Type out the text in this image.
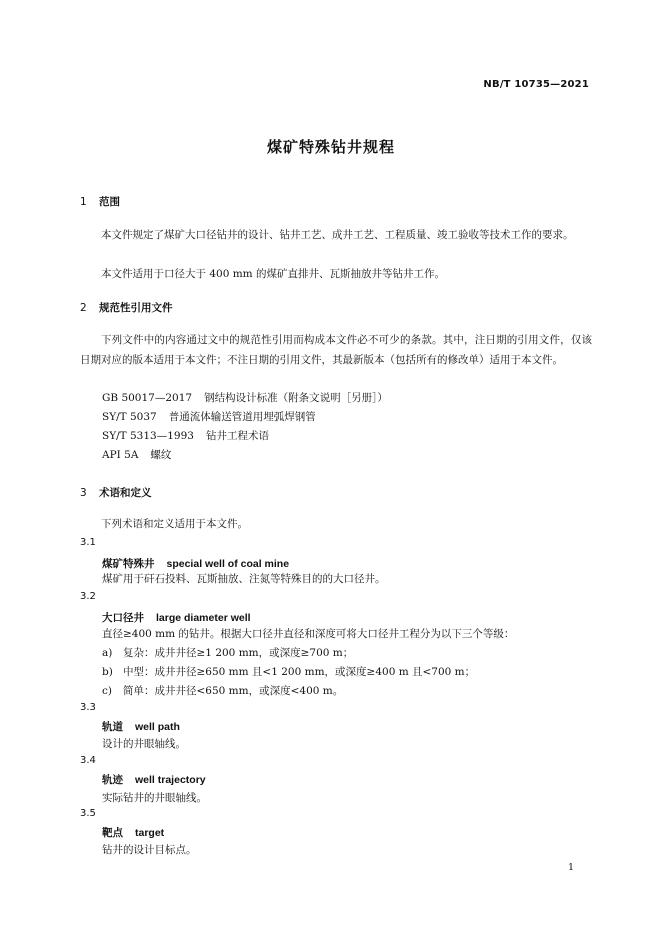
NB/T 10735—2021
煤矿特殊钻井规程
1 范围
本文件规定了煤矿大口径钻井的设计、钻井工艺、成井工艺、工程质量、竣工验收等技术工作的要求。
本文件适用于口径大于 400 mm 的煤矿直排井、瓦斯抽放井等钻井工作。
2 规范性引用文件
下列文件中的内容通过文中的规范性引用而构成本文件必不可少的条款。其中，注日期的引用文件，仅该日期对应的版本适用于本文件；不注日期的引用文件，其最新版本（包括所有的修改单）适用于本文件。
GB 50017—2017 钢结构设计标准（附条文说明［另册］）
SY/T 5037 普通流体输送管道用埋弧焊钢管
SY/T 5313—1993 钻井工程术语
API 5A 螺纹
3 术语和定义
下列术语和定义适用于本文件。
3.1
煤矿特殊井 special well of coal mine
煤矿用于矸石投料、瓦斯抽放、注氮等特殊目的的大口径井。
3.2
大口径井 large diameter well
直径≥400 mm 的钻井。根据大口径井直径和深度可将大口径井工程分为以下三个等级：
a) 复杂：成井井径≥1 200 mm，或深度≥700 m；
b) 中型：成井井径≥650 mm 且<1 200 mm，或深度≥400 m 且<700 m；
c) 简单：成井井径<650 mm，或深度<400 m。
3.3
轨道 well path
设计的井眼轴线。
3.4
轨迹 well trajectory
实际钻井的井眼轴线。
3.5
靶点 target
钻井的设计目标点。
1
